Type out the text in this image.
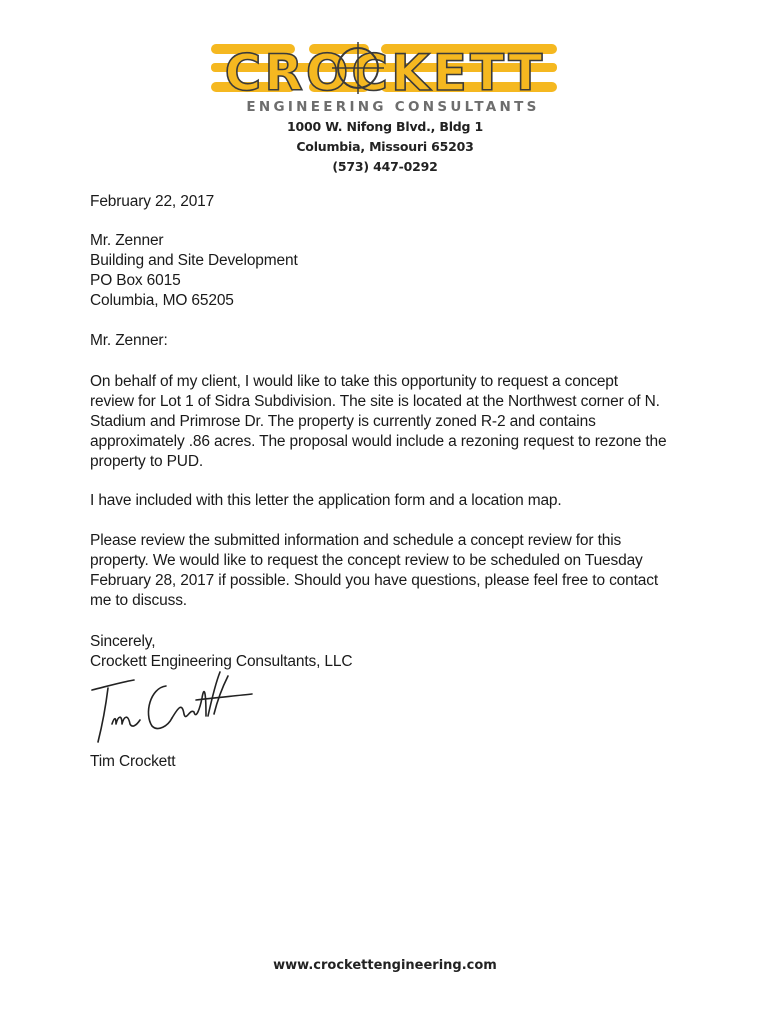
CROCKETT
ENGINEERING CONSULTANTS
1000 W. Nifong Blvd., Bldg 1
Columbia, Missouri 65203
(573) 447-0292
February 22, 2017
Mr. Zenner
Building and Site Development
PO Box 6015
Columbia, MO 65205
Mr. Zenner:
On behalf of my client, I would like to take this opportunity to request a concept
review for Lot 1 of Sidra Subdivision. The site is located at the Northwest corner of N.
Stadium and Primrose Dr. The property is currently zoned R-2 and contains
approximately .86 acres. The proposal would include a rezoning request to rezone the
property to PUD.
I have included with this letter the application form and a location map.
Please review the submitted information and schedule a concept review for this
property. We would like to request the concept review to be scheduled on Tuesday
February 28, 2017 if possible. Should you have questions, please feel free to contact
me to discuss.
Sincerely,
Crockett Engineering Consultants, LLC
Tim Crockett
www.crockettengineering.com
